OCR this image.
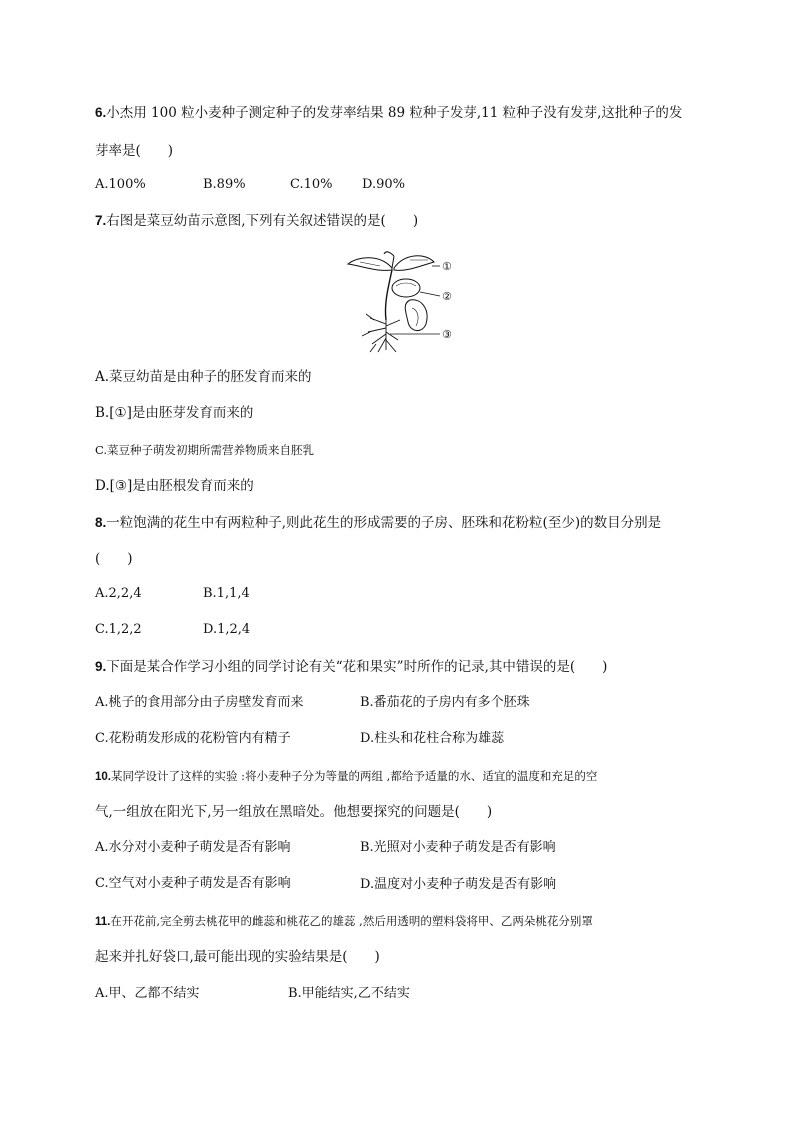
6.小杰用 100 粒小麦种子测定种子的发芽率结果 89 粒种子发芽,11 粒种子没有发芽,这批种子的发
芽率是(　　)
A.100%	B.89%	C.10% D.90%
7.右图是菜豆幼苗示意图,下列有关叙述错误的是(　　)
①
②
③
A.菜豆幼苗是由种子的胚发育而来的
B.[①]是由胚芽发育而来的
C.菜豆种子萌发初期所需营养物质来自胚乳
D.[③]是由胚根发育而来的
8.一粒饱满的花生中有两粒种子,则此花生的形成需要的子房、胚珠和花粉粒(至少)的数目分别是
(　　)
A.2,2,4	B.1,1,4
C.1,2,2	D.1,2,4
9.下面是某合作学习小组的同学讨论有关“花和果实”时所作的记录,其中错误的是(　　)
A.桃子的食用部分由子房壁发育而来	B.番茄花的子房内有多个胚珠
C.花粉萌发形成的花粉管内有精子	D.柱头和花柱合称为雄蕊
10.某同学设计了这样的实验 :将小麦种子分为等量的两组 ,都给予适量的水、适宜的温度和充足的空
气,一组放在阳光下,另一组放在黑暗处。他想要探究的问题是(　　)
A.水分对小麦种子萌发是否有影响	B.光照对小麦种子萌发是否有影响
C.空气对小麦种子萌发是否有影响	D.温度对小麦种子萌发是否有影响
11.在开花前,完全剪去桃花甲的雌蕊和桃花乙的雄蕊 ,然后用透明的塑料袋将甲、乙两朵桃花分别罩
起来并扎好袋口,最可能出现的实验结果是(　　)
A.甲、乙都不结实	B.甲能结实,乙不结实
